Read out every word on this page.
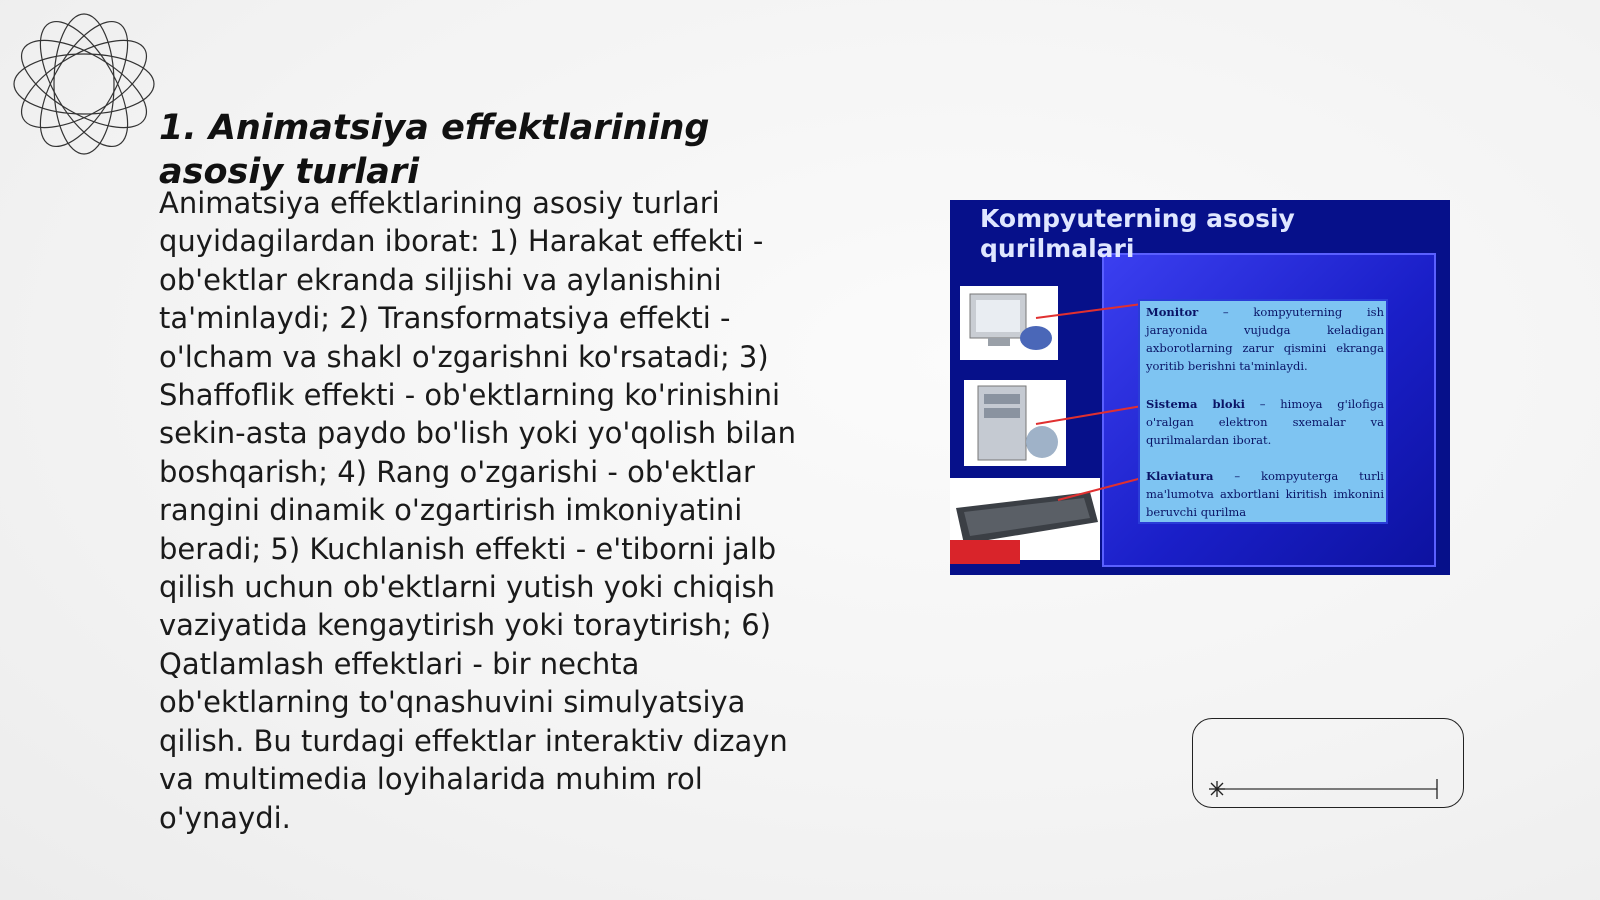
1. Animatsiya effektlarining asosiy turlari

Animatsiya effektlarining asosiy turlari quyidagilardan iborat: 1) Harakat effekti - ob'ektlar ekranda siljishi va aylanishini ta'minlaydi; 2) Transformatsiya effekti - o'lcham va shakl o'zgarishni ko'rsatadi; 3) Shaffoflik effekti - ob'ektlarning ko'rinishini sekin-asta paydo bo'lish yoki yo'qolish bilan boshqarish; 4) Rang o'zgarishi - ob'ektlar rangini dinamik o'zgartirish imkoniyatini beradi; 5) Kuchlanish effekti - e'tiborni jalb qilish uchun ob'ektlarni yutish yoki chiqish vaziyatida kengaytirish yoki toraytirish; 6) Qatlamlash effektlari - bir nechta ob'ektlarning to'qnashuvini simulyatsiya qilish. Bu turdagi effektlar interaktiv dizayn va multimedia loyihalarida muhim rol o'ynaydi.

Kompyuterning asosiy qurilmalari
Monitor – kompyuterning ish jarayonida vujudga keladigan axborotlarning zarur qismini ekranga yoritib berishni ta'minlaydi.
Sistema bloki – himoya g'ilofiga o'ralgan elektron sxemalar va qurilmalardan iborat.
Klaviatura – kompyuterga turli ma'lumotva axbortlani kiritish imkonini beruvchi qurilma
